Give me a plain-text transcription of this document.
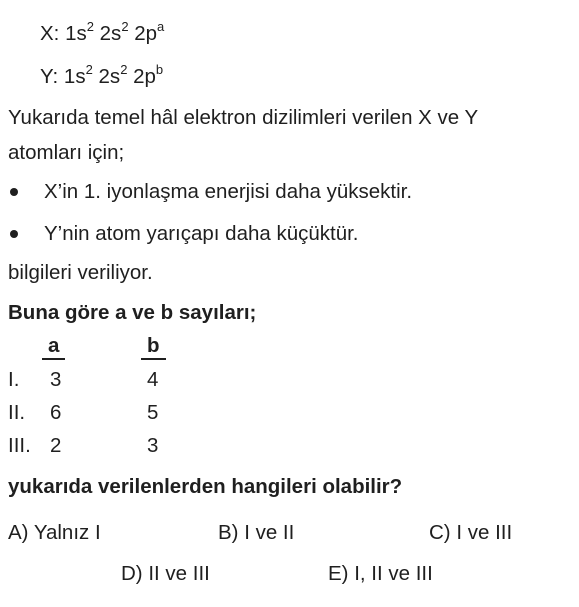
X: $1s^2$ $2s^2$ $2p^a$
Y: $1s^2$ $2s^2$ $2p^b$
Yukarıda temel hâl elektron dizilimleri verilen X ve Y
atomları için;
X’in 1. iyonlaşma enerjisi daha yüksektir.
Y’nin atom yarıçapı daha küçüktür.
bilgileri veriliyor.
Buna göre a ve b sayıları;
a	b
I. 3	4
II. 6	5
III. 2	3
yukarıda verilenlerden hangileri olabilir?
A) Yalnız I	B) I ve II	C) I ve III
D) II ve III	E) I, II ve III
